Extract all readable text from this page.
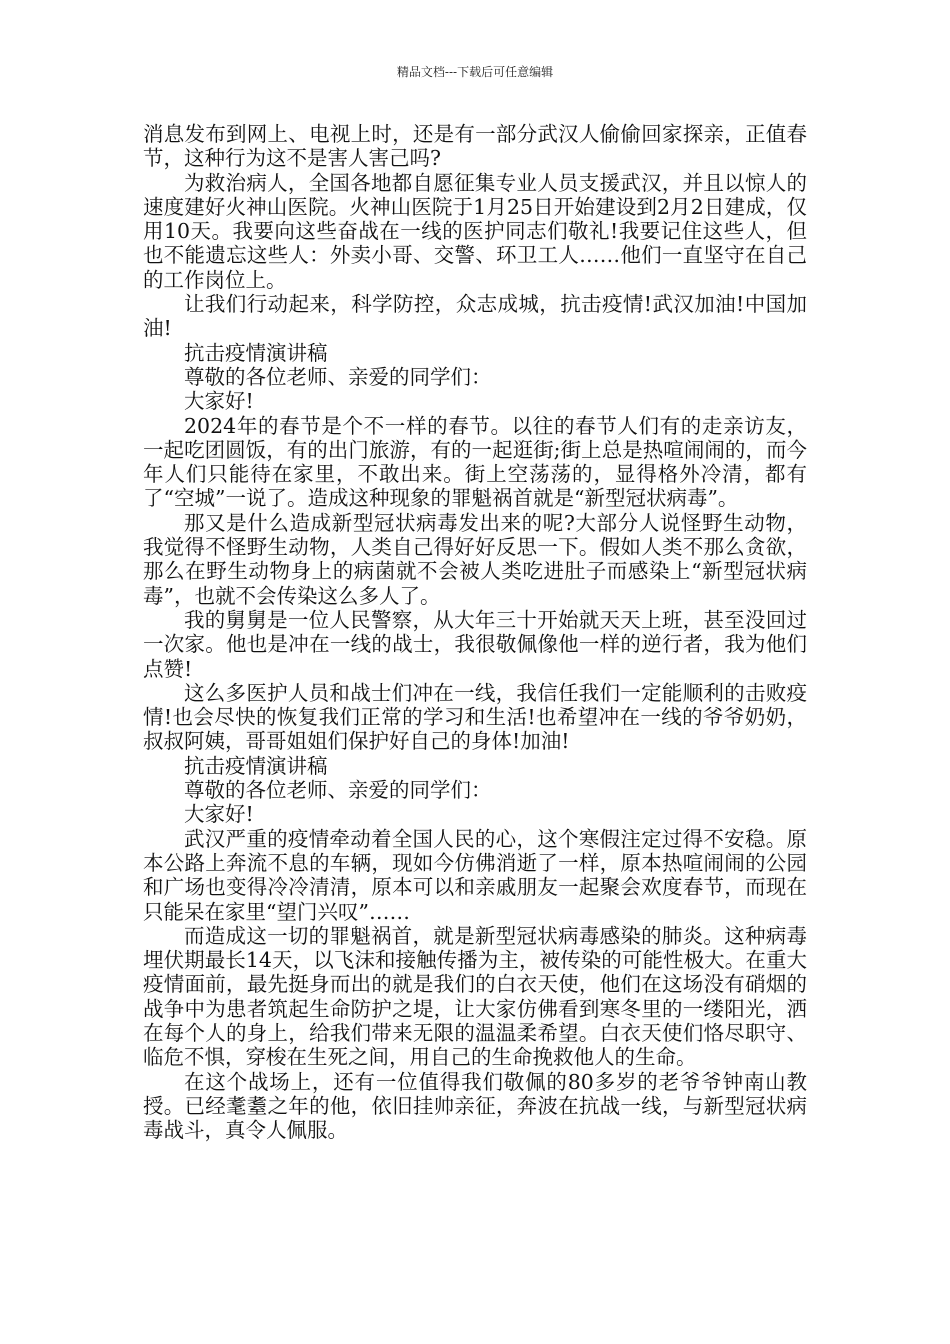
精品文档---下载后可任意编辑

消息发布到网上、电视上时，还是有一部分武汉人偷偷回家探亲，正值春节，这种行为这不是害人害己吗?

为救治病人，全国各地都自愿征集专业人员支援武汉，并且以惊人的速度建好火神山医院。火神山医院于1月25日开始建设到2月2日建成，仅用10天。我要向这些奋战在一线的医护同志们敬礼!我要记住这些人，但也不能遗忘这些人：外卖小哥、交警、环卫工人……他们一直坚守在自己的工作岗位上。

让我们行动起来，科学防控，众志成城，抗击疫情!武汉加油!中国加油!

抗击疫情演讲稿

尊敬的各位老师、亲爱的同学们：

大家好!

2024年的春节是个不一样的春节。以往的春节人们有的走亲访友，一起吃团圆饭，有的出门旅游，有的一起逛街;街上总是热喧闹闹的，而今年人们只能待在家里，不敢出来。街上空荡荡的，显得格外冷清，都有了“空城”一说了。造成这种现象的罪魁祸首就是“新型冠状病毒”。

那又是什么造成新型冠状病毒发出来的呢?大部分人说怪野生动物，我觉得不怪野生动物，人类自己得好好反思一下。假如人类不那么贪欲，那么在野生动物身上的病菌就不会被人类吃进肚子而感染上“新型冠状病毒”，也就不会传染这么多人了。

我的舅舅是一位人民警察，从大年三十开始就天天上班，甚至没回过一次家。他也是冲在一线的战士，我很敬佩像他一样的逆行者，我为他们点赞!

这么多医护人员和战士们冲在一线，我信任我们一定能顺利的击败疫情!也会尽快的恢复我们正常的学习和生活!也希望冲在一线的爷爷奶奶，叔叔阿姨，哥哥姐姐们保护好自己的身体!加油!

抗击疫情演讲稿

尊敬的各位老师、亲爱的同学们：

大家好!

武汉严重的疫情牵动着全国人民的心，这个寒假注定过得不安稳。原本公路上奔流不息的车辆，现如今仿佛消逝了一样，原本热喧闹闹的公园和广场也变得冷冷清清，原本可以和亲戚朋友一起聚会欢度春节，而现在只能呆在家里“望门兴叹”……

而造成这一切的罪魁祸首，就是新型冠状病毒感染的肺炎。这种病毒埋伏期最长14天，以飞沫和接触传播为主，被传染的可能性极大。在重大疫情面前，最先挺身而出的就是我们的白衣天使，他们在这场没有硝烟的战争中为患者筑起生命防护之堤，让大家仿佛看到寒冬里的一缕阳光，洒在每个人的身上，给我们带来无限的温温柔希望。白衣天使们恪尽职守、临危不惧，穿梭在生死之间，用自己的生命挽救他人的生命。

在这个战场上，还有一位值得我们敬佩的80多岁的老爷爷钟南山教授。已经耄耋之年的他，依旧挂帅亲征，奔波在抗战一线，与新型冠状病毒战斗，真令人佩服。
